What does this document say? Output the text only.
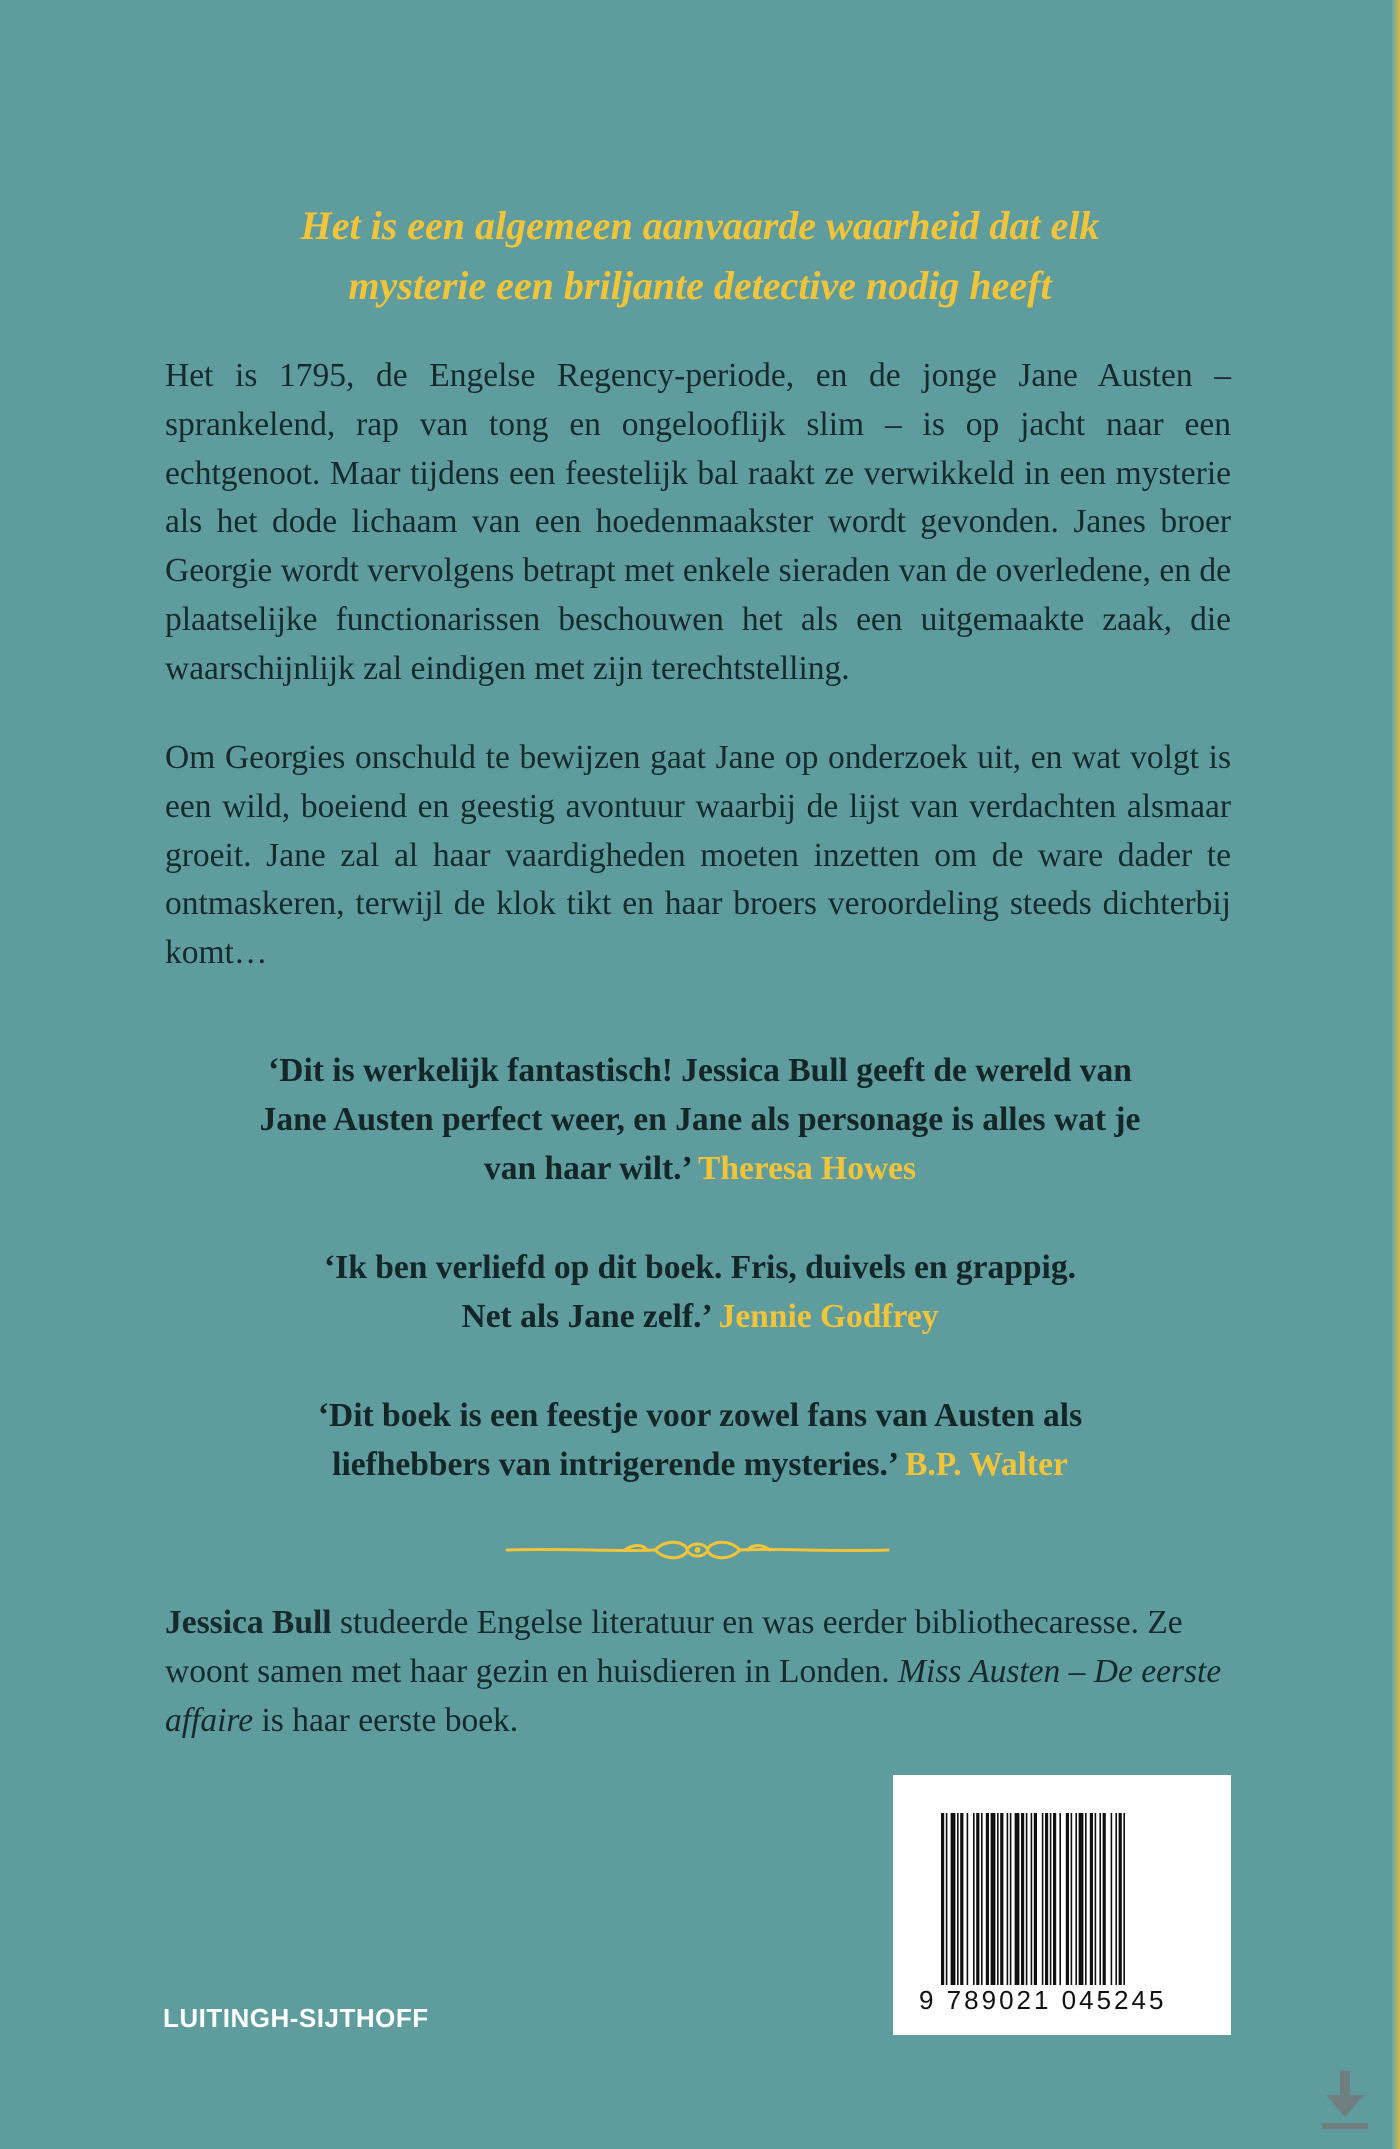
Het is een algemeen aanvaarde waarheid dat elk
mysterie een briljante detective nodig heeft
Het is 1795, de Engelse Regency-periode, en de jonge Jane Austen – sprankelend, rap van tong en ongelooflijk slim – is op jacht naar een echtgenoot. Maar tijdens een feestelijk bal raakt ze verwikkeld in een mysterie als het dode lichaam van een hoedenmaakster wordt gevonden. Janes broer Georgie wordt vervolgens betrapt met enkele sieraden van de overledene, en de plaatselijke functionarissen beschouwen het als een uitgemaakte zaak, die waarschijnlijk zal eindigen met zijn terechtstelling.
Om Georgies onschuld te bewijzen gaat Jane op onderzoek uit, en wat volgt is een wild, boeiend en geestig avontuur waarbij de lijst van verdachten alsmaar groeit. Jane zal al haar vaardigheden moeten inzetten om de ware dader te ontmaskeren, terwijl de klok tikt en haar broers veroordeling steeds dichterbij komt…
‘Dit is werkelijk fantastisch! Jessica Bull geeft de wereld van
Jane Austen perfect weer, en Jane als personage is alles wat je
van haar wilt.’ Theresa Howes
‘Ik ben verliefd op dit boek. Fris, duivels en grappig.
Net als Jane zelf.’ Jennie Godfrey
‘Dit boek is een feestje voor zowel fans van Austen als
liefhebbers van intrigerende mysteries.’ B.P. Walter
Jessica Bull studeerde Engelse literatuur en was eerder bibliothecaresse. Ze woont samen met haar gezin en huisdieren in Londen. Miss Austen – De eerste affaire is haar eerste boek.
9 789021 045245
LUITINGH-SIJTHOFF
